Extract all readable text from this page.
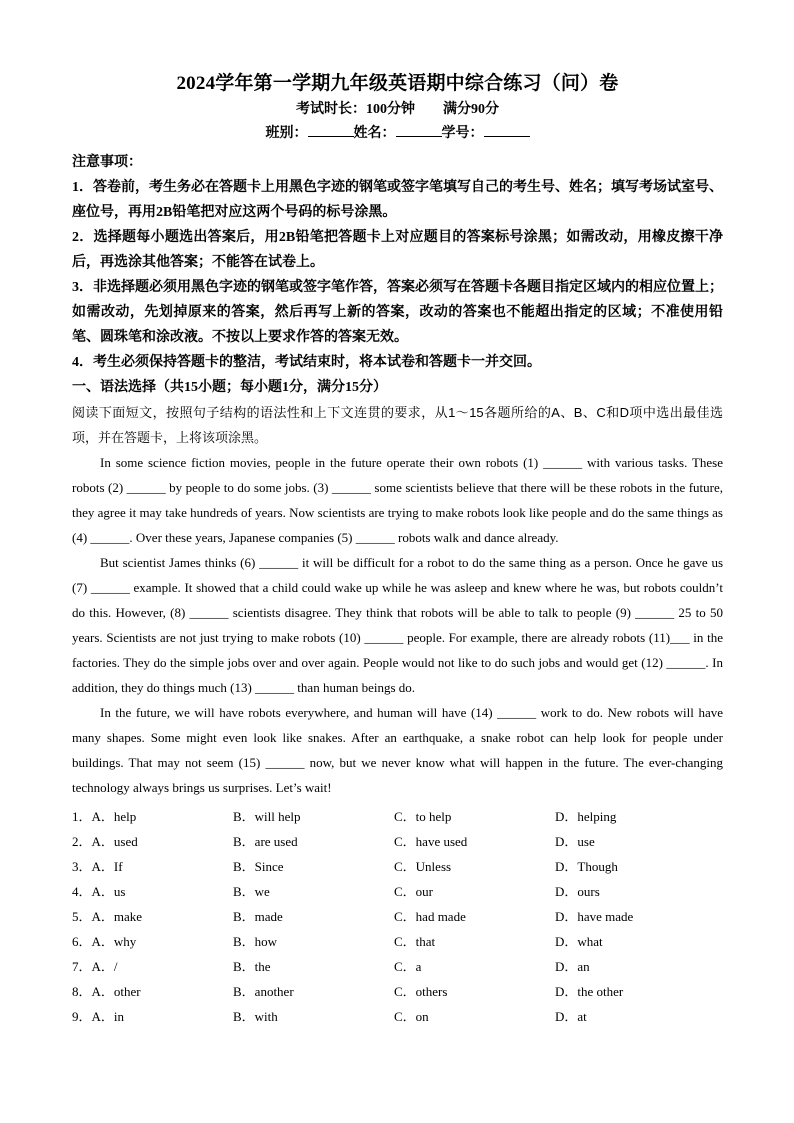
2024学年第一学期九年级英语期中综合练习（问）卷
考试时长：100分钟 满分90分
班别：	姓名：	学号：
注意事项：
1．答卷前，考生务必在答题卡上用黑色字迹的钢笔或签字笔填写自己的考生号、姓名；填写考场试室号、座位号，再用2B铅笔把对应这两个号码的标号涂黑。
2．选择题每小题选出答案后，用2B铅笔把答题卡上对应题目的答案标号涂黑；如需改动，用橡皮擦干净后，再选涂其他答案；不能答在试卷上。
3．非选择题必须用黑色字迹的钢笔或签字笔作答，答案必须写在答题卡各题目指定区域内的相应位置上；如需改动，先划掉原来的答案，然后再写上新的答案，改动的答案也不能超出指定的区域；不准使用铅笔、圆珠笔和涂改液。不按以上要求作答的答案无效。
4．考生必须保持答题卡的整洁，考试结束时，将本试卷和答题卡一并交回。
一、语法选择（共15小题；每小题1分，满分15分）
阅读下面短文，按照句子结构的语法性和上下文连贯的要求，从1～15各题所给的A、B、C和D项中选出最佳选项，并在答题卡，上将该项涂黑。

In some science fiction movies, people in the future operate their own robots (1) ______ with various tasks. These robots (2) ______ by people to do some jobs. (3) ______ some scientists believe that there will be these robots in the future, they agree it may take hundreds of years. Now scientists are trying to make robots look like people and do the same things as (4) ______. Over these years, Japanese companies (5) ______ robots walk and dance already.

But scientist James thinks (6) ______ it will be difficult for a robot to do the same thing as a person. Once he gave us (7) ______ example. It showed that a child could wake up while he was asleep and knew where he was, but robots couldn’t do this. However, (8) ______ scientists disagree. They think that robots will be able to talk to people (9) ______ 25 to 50 years. Scientists are not just trying to make robots (10) ______ people. For example, there are already robots (11)___ in the factories. They do the simple jobs over and over again. People would not like to do such jobs and would get (12) ______. In addition, they do things much (13) ______ than human beings do.

In the future, we will have robots everywhere, and human will have (14) ______ work to do. New robots will have many shapes. Some might even look like snakes. After an earthquake, a snake robot can help look for people under buildings. That may not seem (15) ______ now, but we never know what will happen in the future. The ever-changing technology always brings us surprises. Let’s wait!

1．A．help	B．will help	C．to help	D．helping
2．A．used	B．are used	C．have used	D．use
3．A．If	B．Since	C．Unless	D．Though
4．A．us	B．we	C．our	D．ours
5．A．make	B．made	C．had made	D．have made
6．A．why	B．how	C．that	D．what
7．A．/	B．the	C．a	D．an
8．A．other	B．another	C．others	D．the other
9．A．in	B．with	C．on	D．at
